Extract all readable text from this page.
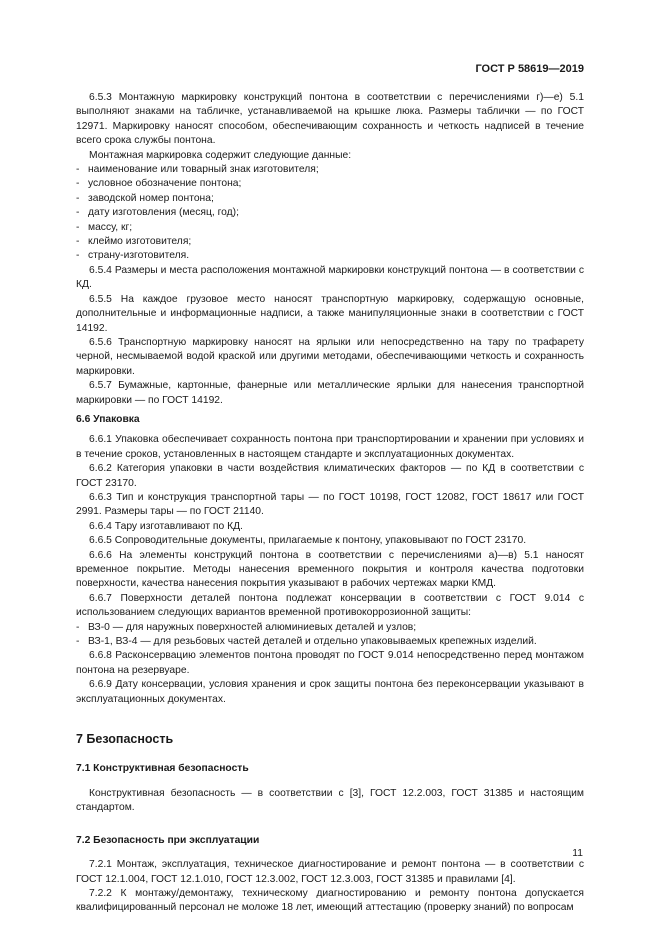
ГОСТ Р 58619—2019

6.5.3 Монтажную маркировку конструкций понтона в соответствии с перечислениями г)—е) 5.1 выполняют знаками на табличке, устанавливаемой на крышке люка. Размеры таблички — по ГОСТ 12971. Маркировку наносят способом, обеспечивающим сохранность и четкость надписей в течение всего срока службы понтона.

Монтажная маркировка содержит следующие данные:

- наименование или товарный знак изготовителя;

- условное обозначение понтона;

- заводской номер понтона;

- дату изготовления (месяц, год);

- массу, кг;

- клеймо изготовителя;

- страну-изготовителя.

6.5.4 Размеры и места расположения монтажной маркировки конструкций понтона — в соответствии с КД.

6.5.5 На каждое грузовое место наносят транспортную маркировку, содержащую основные, дополнительные и информационные надписи, а также манипуляционные знаки в соответствии с ГОСТ 14192.

6.5.6 Транспортную маркировку наносят на ярлыки или непосредственно на тару по трафарету черной, несмываемой водой краской или другими методами, обеспечивающими четкость и сохранность маркировки.

6.5.7 Бумажные, картонные, фанерные или металлические ярлыки для нанесения транспортной маркировки — по ГОСТ 14192.

6.6 Упаковка

6.6.1 Упаковка обеспечивает сохранность понтона при транспортировании и хранении при условиях и в течение сроков, установленных в настоящем стандарте и эксплуатационных документах.

6.6.2 Категория упаковки в части воздействия климатических факторов — по КД в соответствии с ГОСТ 23170.

6.6.3 Тип и конструкция транспортной тары — по ГОСТ 10198, ГОСТ 12082, ГОСТ 18617 или ГОСТ 2991. Размеры тары — по ГОСТ 21140.

6.6.4 Тару изготавливают по КД.

6.6.5 Сопроводительные документы, прилагаемые к понтону, упаковывают по ГОСТ 23170.

6.6.6 На элементы конструкций понтона в соответствии с перечислениями а)—в) 5.1 наносят временное покрытие. Методы нанесения временного покрытия и контроля качества подготовки поверхности, качества нанесения покрытия указывают в рабочих чертежах марки КМД.

6.6.7 Поверхности деталей понтона подлежат консервации в соответствии с ГОСТ 9.014 с использованием следующих вариантов временной противокоррозионной защиты:

- ВЗ-0 — для наружных поверхностей алюминиевых деталей и узлов;

- ВЗ-1, ВЗ-4 — для резьбовых частей деталей и отдельно упаковываемых крепежных изделий.

6.6.8 Расконсервацию элементов понтона проводят по ГОСТ 9.014 непосредственно перед монтажом понтона на резервуаре.

6.6.9 Дату консервации, условия хранения и срок защиты понтона без переконсервации указывают в эксплуатационных документах.

7 Безопасность
7.1 Конструктивная безопасность

Конструктивная безопасность — в соответствии с [3], ГОСТ 12.2.003, ГОСТ 31385 и настоящим стандартом.

7.2 Безопасность при эксплуатации

7.2.1 Монтаж, эксплуатация, техническое диагностирование и ремонт понтона — в соответствии с ГОСТ 12.1.004, ГОСТ 12.1.010, ГОСТ 12.3.002, ГОСТ 12.3.003, ГОСТ 31385 и правилами [4].

7.2.2 К монтажу/демонтажу, техническому диагностированию и ремонту понтона допускается квалифицированный персонал не моложе 18 лет, имеющий аттестацию (проверку знаний) по вопросам

11
